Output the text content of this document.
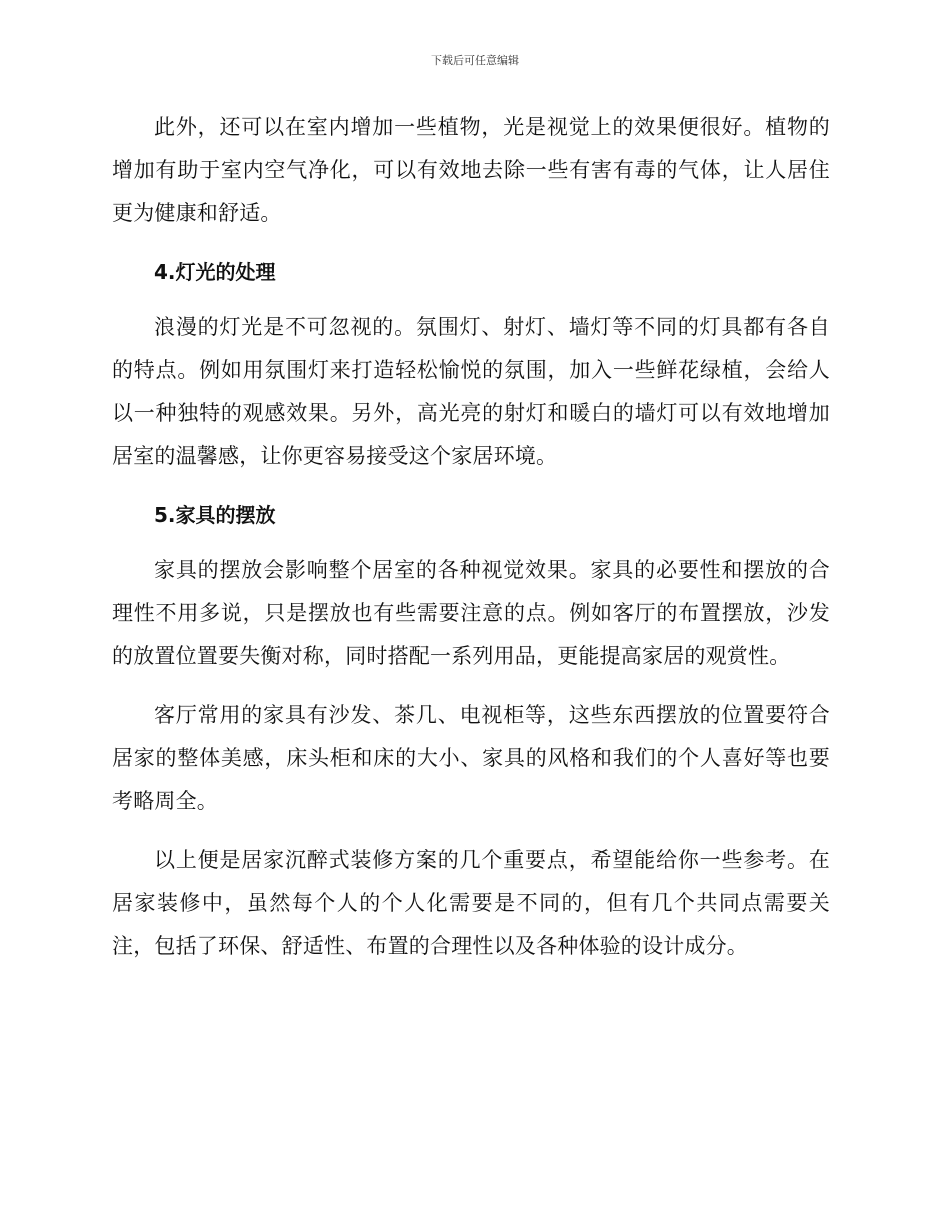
下载后可任意编辑

此外，还可以在室内增加一些植物，光是视觉上的效果便很好。植物的增加有助于室内空气净化，可以有效地去除一些有害有毒的气体，让人居住更为健康和舒适。

4.灯光的处理

浪漫的灯光是不可忽视的。氛围灯、射灯、墙灯等不同的灯具都有各自的特点。例如用氛围灯来打造轻松愉悦的氛围，加入一些鲜花绿植，会给人以一种独特的观感效果。另外，高光亮的射灯和暖白的墙灯可以有效地增加居室的温馨感，让你更容易接受这个家居环境。

5.家具的摆放

家具的摆放会影响整个居室的各种视觉效果。家具的必要性和摆放的合理性不用多说，只是摆放也有些需要注意的点。例如客厅的布置摆放，沙发的放置位置要失衡对称，同时搭配一系列用品，更能提高家居的观赏性。

客厅常用的家具有沙发、茶几、电视柜等，这些东西摆放的位置要符合居家的整体美感，床头柜和床的大小、家具的风格和我们的个人喜好等也要考略周全。

以上便是居家沉醉式装修方案的几个重要点，希望能给你一些参考。在居家装修中，虽然每个人的个人化需要是不同的，但有几个共同点需要关注，包括了环保、舒适性、布置的合理性以及各种体验的设计成分。
